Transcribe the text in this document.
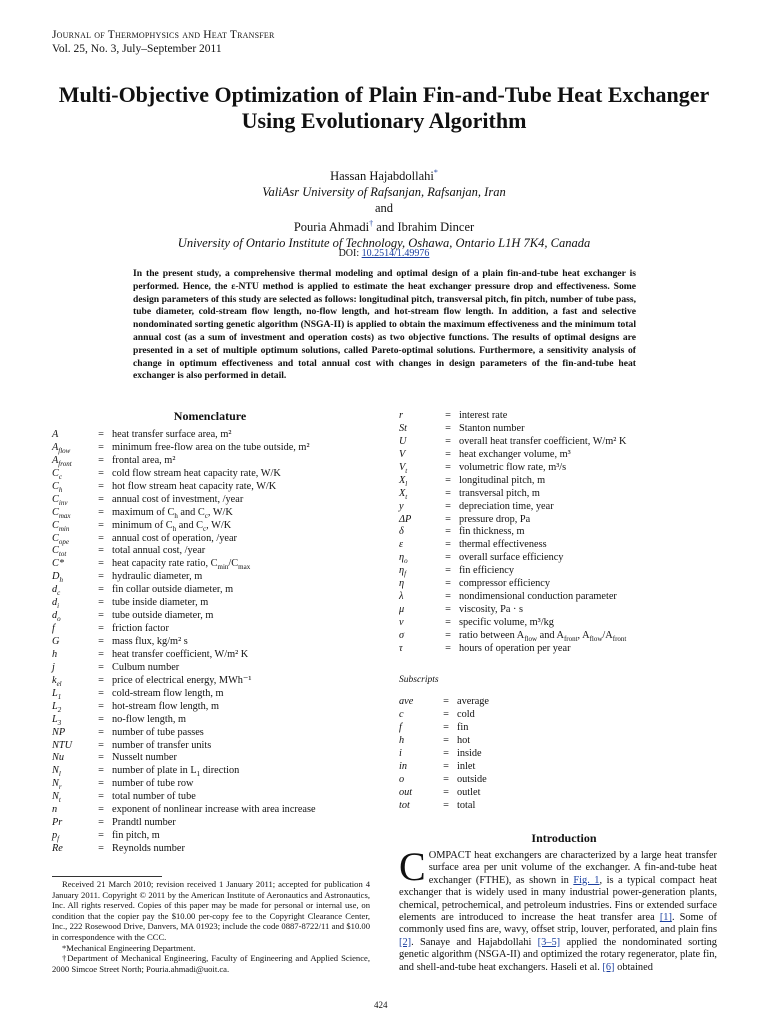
Journal of Thermophysics and Heat Transfer
Vol. 25, No. 3, July–September 2011
Multi-Objective Optimization of Plain Fin-and-Tube Heat Exchanger Using Evolutionary Algorithm
Hassan Hajabdollahi*
ValiAsr University of Rafsanjan, Rafsanjan, Iran
and
Pouria Ahmadi† and Ibrahim Dincer
University of Ontario Institute of Technology, Oshawa, Ontario L1H 7K4, Canada
DOI: 10.2514/1.49976
In the present study, a comprehensive thermal modeling and optimal design of a plain fin-and-tube heat exchanger is performed. Hence, the ε-NTU method is applied to estimate the heat exchanger pressure drop and effectiveness. Some design parameters of this study are selected as follows: longitudinal pitch, transversal pitch, fin pitch, number of tube pass, tube diameter, cold-stream flow length, no-flow length, and hot-stream flow length. In addition, a fast and selective nondominated sorting genetic algorithm (NSGA-II) is applied to obtain the maximum effectiveness and the minimum total annual cost (as a sum of investment and operation costs) as two objective functions. The results of optimal designs are presented in a set of multiple optimum solutions, called Pareto-optimal solutions. Furthermore, a sensitivity analysis of change in optimum effectiveness and total annual cost with changes in design parameters of the fin-and-tube heat exchanger is also performed in detail.
Nomenclature
A	= heat transfer surface area, m²
$A_{flow}$	= minimum free-flow area on the tube outside, m²
$A_{front}$	= frontal area, m²
$C_c$	= cold flow stream heat capacity rate, W/K
$C_h$	= hot flow stream heat capacity rate, W/K
$C_{inv}$	= annual cost of investment, /year
$C_{max}$	= maximum of $C_h$ and $C_c$, W/K
$C_{min}$	= minimum of $C_h$ and $C_c$, W/K
$C_{ope}$	= annual cost of operation, /year
$C_{tot}$	= total annual cost, /year
C*	= heat capacity rate ratio, $C_{min}/C_{max}$
$D_h$	= hydraulic diameter, m
$d_c$	= fin collar outside diameter, m
$d_i$	= tube inside diameter, m
$d_o$	= tube outside diameter, m
f	= friction factor
G	= mass flux, kg/m² s
h	= heat transfer coefficient, W/m² K
j	= Culbum number
$k_{el}$	= price of electrical energy, MWh⁻¹
$L_1$	= cold-stream flow length, m
$L_2$	= hot-stream flow length, m
$L_3$	= no-flow length, m
NP	= number of tube passes
NTU	= number of transfer units
Nu	= Nusselt number
$N_l$	= number of plate in $L_1$ direction
$N_r$	= number of tube row
$N_t$	= total number of tube
n	= exponent of nonlinear increase with area increase
Pr	= Prandtl number
$p_f$	= fin pitch, m
Re	= Reynolds number
r	= interest rate
St	= Stanton number
U	= overall heat transfer coefficient, W/m² K
V	= heat exchanger volume, m³
$V_t$	= volumetric flow rate, m³/s
$X_l$	= longitudinal pitch, m
$X_t$	= transversal pitch, m
y	= depreciation time, year
ΔP	= pressure drop, Pa
δ	= fin thickness, m
ε	= thermal effectiveness
$\eta_o$	= overall surface efficiency
$\eta_f$	= fin efficiency
η	= compressor efficiency
λ	= nondimensional conduction parameter
μ	= viscosity, Pa · s
ν	= specific volume, m³/kg
σ	= ratio between $A_{flow}$ and $A_{front}$, $A_{flow}/A_{front}$
τ	= hours of operation per year
Subscripts
ave	= average
c	= cold
f	= fin
h	= hot
i	= inside
in	= inlet
o	= outside
out	= outlet
tot	= total

Received 21 March 2010; revision received 1 January 2011; accepted for publication 4 January 2011. Copyright © 2011 by the American Institute of Aeronautics and Astronautics, Inc. All rights reserved. Copies of this paper may be made for personal or internal use, on condition that the copier pay the $10.00 per-copy fee to the Copyright Clearance Center, Inc., 222 Rosewood Drive, Danvers, MA 01923; include the code 0887-8722/11 and $10.00 in correspondence with the CCC.

*Mechanical Engineering Department.

†Department of Mechanical Engineering, Faculty of Engineering and Applied Science, 2000 Simcoe Street North; Pouria.ahmadi@uoit.ca.

Introduction
COMPACT heat exchangers are characterized by a large heat transfer surface area per unit volume of the exchanger. A fin-and-tube heat exchanger (FTHE), as shown in Fig. 1, is a typical compact heat exchanger that is widely used in many industrial power-generation plants, chemical, petrochemical, and petroleum industries. Fins or extended surface elements are introduced to increase the heat transfer area [1]. Some of commonly used fins are, wavy, offset strip, louver, perforated, and plain fins [2]. Sanaye and Hajabdollahi [3–5] applied the nondominated sorting genetic algorithm (NSGA-II) and optimized the rotary regenerator, plate fin, and shell-and-tube heat exchangers. Haseli et al. [6] obtained
424
